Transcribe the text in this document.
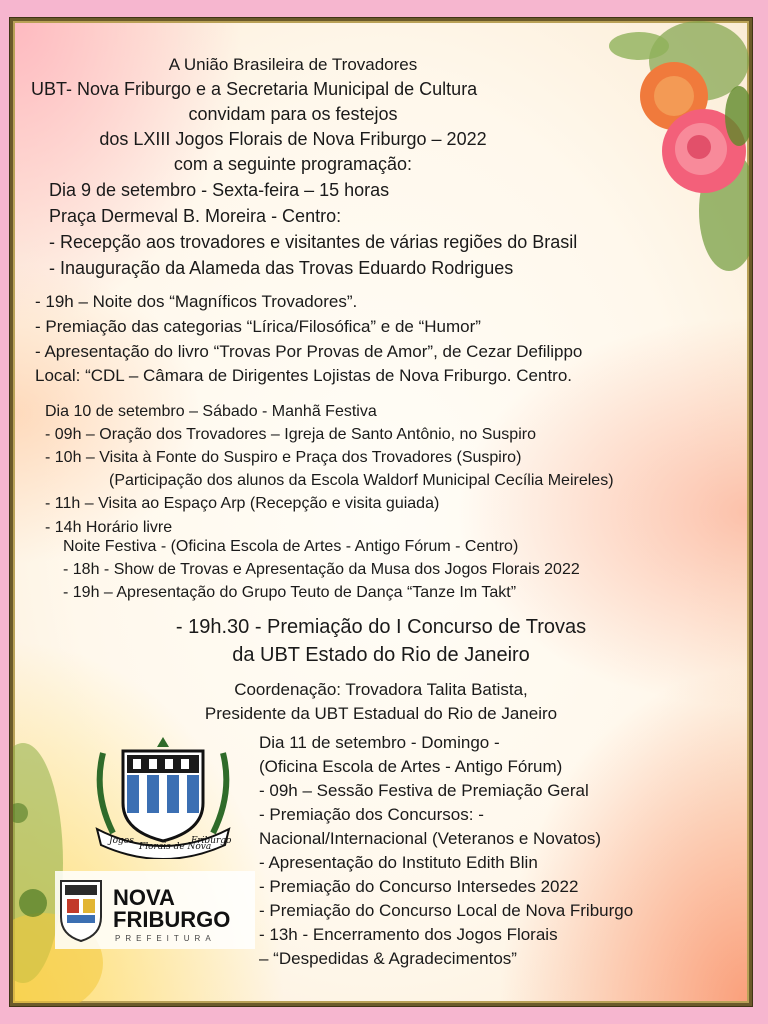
A União Brasileira de Trovadores
UBT- Nova Friburgo e a Secretaria Municipal de Cultura
convidam para os festejos
dos LXIII Jogos Florais de Nova Friburgo – 2022
com a seguinte programação:
Dia 9 de setembro - Sexta-feira – 15 horas
Praça Dermeval B. Moreira - Centro:
- Recepção aos trovadores e visitantes de várias regiões do Brasil
- Inauguração da Alameda das Trovas Eduardo Rodrigues
- 19h – Noite dos “Magníficos Trovadores”.
- Premiação das categorias “Lírica/Filosófica” e de “Humor”
- Apresentação do livro “Trovas Por Provas de Amor”, de Cezar Defilippo
Local: “CDL – Câmara de Dirigentes Lojistas de Nova Friburgo. Centro.
Dia 10 de setembro – Sábado - Manhã Festiva
- 09h – Oração dos Trovadores – Igreja de Santo Antônio, no Suspiro
- 10h – Visita à Fonte do Suspiro e Praça dos Trovadores (Suspiro)
(Participação dos alunos da Escola Waldorf Municipal Cecília Meireles)
- 11h – Visita ao Espaço Arp (Recepção e visita guiada)
- 14h Horário livre
Noite Festiva - (Oficina Escola de Artes - Antigo Fórum - Centro)
- 18h - Show de Trovas e Apresentação da Musa dos Jogos Florais 2022
- 19h – Apresentação do Grupo Teuto de Dança “Tanze Im Takt”
- 19h.30 - Premiação do I Concurso de Trovas
da UBT Estado do Rio de Janeiro
Coordenação: Trovadora Talita Batista,
Presidente da UBT Estadual do Rio de Janeiro
Dia 11 de setembro - Domingo -
(Oficina Escola de Artes - Antigo Fórum)
- 09h – Sessão Festiva de Premiação Geral
- Premiação dos Concursos: -
Nacional/Internacional (Veteranos e Novatos)
- Apresentação do Instituto Edith Blin
- Premiação do Concurso Intersedes 2022
- Premiação do Concurso Local de Nova Friburgo
- 13h - Encerramento dos Jogos Florais
– “Despedidas & Agradecimentos”
Jogos
Florais de Nova
Friburgo
NOVA
FRIBURGO
PREFEITURA
